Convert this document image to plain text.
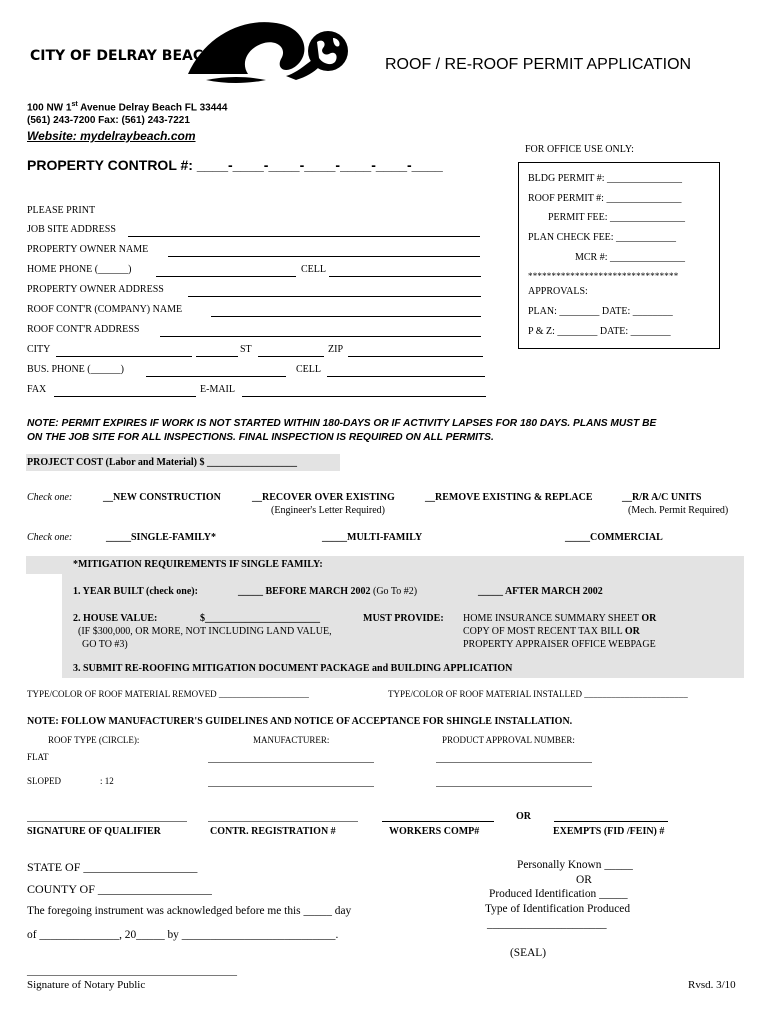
CITY OF DELRAY BEACH	ROOF / RE-ROOF PERMIT APPLICATION
100 NW 1st Avenue Delray Beach FL 33444
(561) 243-7200 Fax: (561) 243-7221
Website: mydelraybeach.com
PROPERTY CONTROL #: ____-____-____-____-____-____-____
FOR OFFICE USE ONLY:
BLDG PERMIT #: _______________
ROOF PERMIT #: _______________
PERMIT FEE: _______________
PLAN CHECK FEE: ____________
MCR #: _______________
********************************
APPROVALS:
PLAN: ________ DATE: ________
P & Z: ________ DATE: ________
PLEASE PRINT
JOB SITE ADDRESS
PROPERTY OWNER NAME
HOME PHONE (______)	CELL
PROPERTY OWNER ADDRESS
ROOF CONT'R (COMPANY) NAME
ROOF CONT'R ADDRESS
CITY	ST	ZIP
BUS. PHONE (______)	CELL
FAX	E-MAIL
NOTE: PERMIT EXPIRES IF WORK IS NOT STARTED WITHIN 180-DAYS OR IF ACTIVITY LAPSES FOR 180 DAYS. PLANS MUST BE
ON THE JOB SITE FOR ALL INSPECTIONS. FINAL INSPECTION IS REQUIRED ON ALL PERMITS.
PROJECT COST (Labor and Material) $ __________________
Check one:	__NEW CONSTRUCTION	__RECOVER OVER EXISTING
(Engineer's Letter Required)
__REMOVE EXISTING & REPLACE	__R/R A/C UNITS
(Mech. Permit Required)
Check one:	_____SINGLE-FAMILY*	_____MULTI-FAMILY	_____COMMERCIAL
*MITIGATION REQUIREMENTS IF SINGLE FAMILY:
1. YEAR BUILT (check one):	_____ BEFORE MARCH 2002 (Go To #2)	_____ AFTER MARCH 2002
2. HOUSE VALUE:	$_______________________	MUST PROVIDE:
(IF $300,000, OR MORE, NOT INCLUDING LAND VALUE,
GO TO #3)
HOME INSURANCE SUMMARY SHEET OR
COPY OF MOST RECENT TAX BILL OR
PROPERTY APPRAISER OFFICE WEBPAGE
3. SUBMIT RE-ROOFING MITIGATION DOCUMENT PACKAGE and BUILDING APPLICATION
TYPE/COLOR OF ROOF MATERIAL REMOVED ____________________	TYPE/COLOR OF ROOF MATERIAL INSTALLED _______________________
NOTE: FOLLOW MANUFACTURER'S GUIDELINES AND NOTICE OF ACCEPTANCE FOR SHINGLE INSTALLATION.
ROOF TYPE (CIRCLE):	MANUFACTURER:	PRODUCT APPROVAL NUMBER:
FLAT
SLOPED	: 12
OR
SIGNATURE OF QUALIFIER	CONTR. REGISTRATION #	WORKERS COMP#	EXEMPTS (FID /FEIN) #
STATE OF ___________________
COUNTY OF ___________________
The foregoing instrument was acknowledged before me this _____ day
of ______________, 20_____ by ___________________________.
Personally Known _____
OR
Produced Identification _____
Type of Identification Produced
_____________________
(SEAL)
__________________________________________
Signature of Notary Public	Rvsd. 3/10
